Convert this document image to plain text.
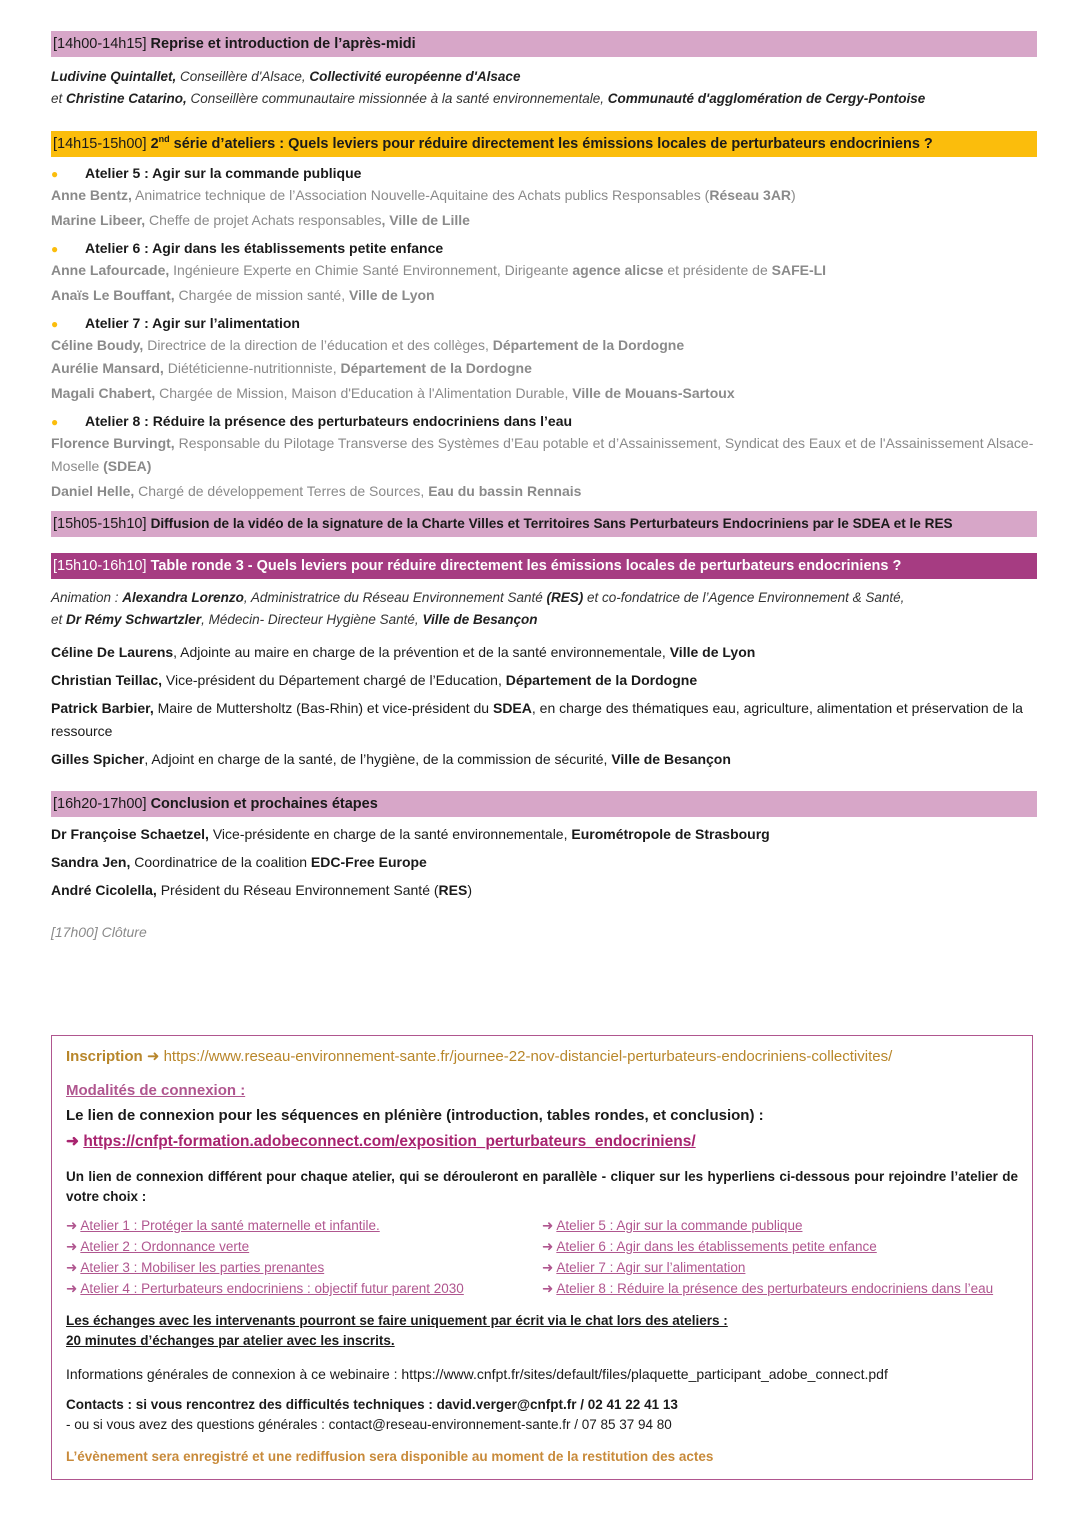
[14h00-14h15] Reprise et introduction de l’après-midi
Ludivine Quintallet, Conseillère d'Alsace, Collectivité européenne d'Alsace
et Christine Catarino, Conseillère communautaire missionnée à la santé environnementale, Communauté d'agglomération de Cergy-Pontoise
[14h15-15h00] 2nd série d’ateliers : Quels leviers pour réduire directement les émissions locales de perturbateurs endocriniens ?
● Atelier 5 : Agir sur la commande publique
Anne Bentz, Animatrice technique de l’Association Nouvelle-Aquitaine des Achats publics Responsables (Réseau 3AR)
Marine Libeer, Cheffe de projet Achats responsables, Ville de Lille
● Atelier 6 : Agir dans les établissements petite enfance
Anne Lafourcade, Ingénieure Experte en Chimie Santé Environnement, Dirigeante agence alicse et présidente de SAFE-LI
Anaïs Le Bouffant, Chargée de mission santé, Ville de Lyon
● Atelier 7 : Agir sur l’alimentation
Céline Boudy, Directrice de la direction de l’éducation et des collèges, Département de la Dordogne
Aurélie Mansard, Diététicienne-nutritionniste, Département de la Dordogne
Magali Chabert, Chargée de Mission, Maison d'Education à l'Alimentation Durable, Ville de Mouans-Sartoux
● Atelier 8 : Réduire la présence des perturbateurs endocriniens dans l’eau
Florence Burvingt, Responsable du Pilotage Transverse des Systèmes d’Eau potable et d’Assainissement, Syndicat des Eaux et de l'Assainissement Alsace-Moselle (SDEA)
Daniel Helle, Chargé de développement Terres de Sources, Eau du bassin Rennais
[15h05-15h10] Diffusion de la vidéo de la signature de la Charte Villes et Territoires Sans Perturbateurs Endocriniens par le SDEA et le RES
[15h10-16h10] Table ronde 3 - Quels leviers pour réduire directement les émissions locales de perturbateurs endocriniens ?
Animation : Alexandra Lorenzo, Administratrice du Réseau Environnement Santé (RES) et co-fondatrice de l’Agence Environnement & Santé,
et Dr Rémy Schwartzler, Médecin- Directeur Hygiène Santé, Ville de Besançon
Céline De Laurens, Adjointe au maire en charge de la prévention et de la santé environnementale, Ville de Lyon
Christian Teillac, Vice-président du Département chargé de l’Education, Département de la Dordogne
Patrick Barbier, Maire de Muttersholtz (Bas-Rhin) et vice-président du SDEA, en charge des thématiques eau, agriculture, alimentation et préservation de la ressource
Gilles Spicher, Adjoint en charge de la santé, de l’hygiène, de la commission de sécurité, Ville de Besançon
[16h20-17h00] Conclusion et prochaines étapes
Dr Françoise Schaetzel, Vice-présidente en charge de la santé environnementale, Eurométropole de Strasbourg
Sandra Jen, Coordinatrice de la coalition EDC-Free Europe
André Cicolella, Président du Réseau Environnement Santé (RES)
[17h00] Clôture
Inscription ➜ https://www.reseau-environnement-sante.fr/journee-22-nov-distanciel-perturbateurs-endocriniens-collectivites/
Modalités de connexion :
Le lien de connexion pour les séquences en plénière (introduction, tables rondes, et conclusion) :
➜ https://cnfpt-formation.adobeconnect.com/exposition_perturbateurs_endocriniens/
Un lien de connexion différent pour chaque atelier, qui se dérouleront en parallèle - cliquer sur les hyperliens ci-dessous pour rejoindre l’atelier de votre choix :
➜ Atelier 1 : Protéger la santé maternelle et infantile.
➜ Atelier 2 : Ordonnance verte
➜ Atelier 3 : Mobiliser les parties prenantes
➜ Atelier 4 : Perturbateurs endocriniens : objectif futur parent 2030
➜ Atelier 5 : Agir sur la commande publique
➜ Atelier 6 : Agir dans les établissements petite enfance
➜ Atelier 7 : Agir sur l’alimentation
➜ Atelier 8 : Réduire la présence des perturbateurs endocriniens dans l’eau
Les échanges avec les intervenants pourront se faire uniquement par écrit via le chat lors des ateliers :
20 minutes d’échanges par atelier avec les inscrits.
Informations générales de connexion à ce webinaire : https://www.cnfpt.fr/sites/default/files/plaquette_participant_adobe_connect.pdf
Contacts : si vous rencontrez des difficultés techniques : david.verger@cnfpt.fr / 02 41 22 41 13
- ou si vous avez des questions générales : contact@reseau-environnement-sante.fr / 07 85 37 94 80
L’évènement sera enregistré et une rediffusion sera disponible au moment de la restitution des actes
